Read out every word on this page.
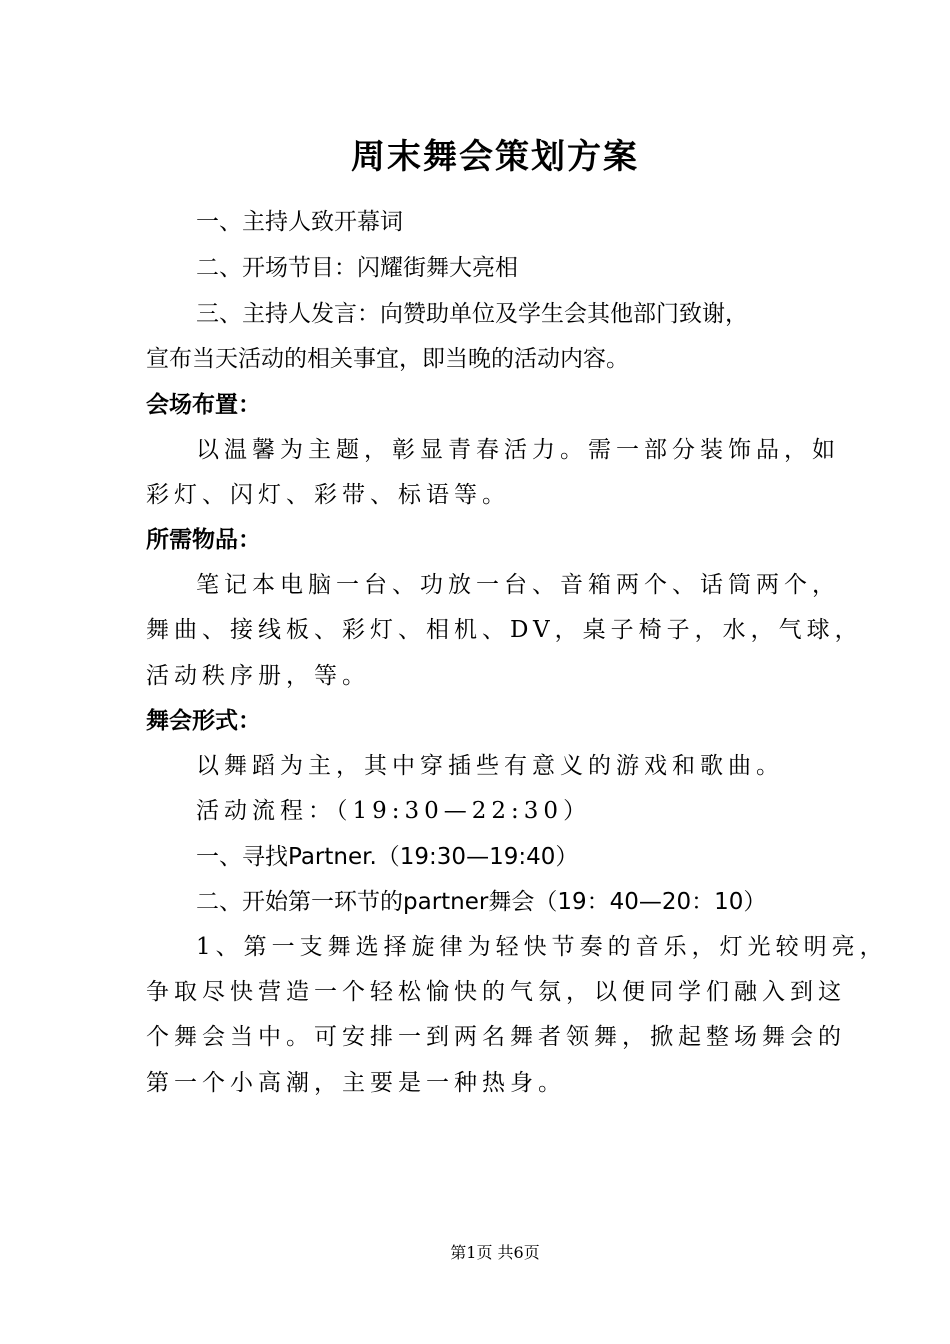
周末舞会策划方案
一、主持人致开幕词
二、开场节目：闪耀街舞大亮相
三、主持人发言：向赞助单位及学生会其他部门致谢，
宣布当天活动的相关事宜，即当晚的活动内容。
会场布置：
以温馨为主题，彰显青春活力。需一部分装饰品，如
彩灯、闪灯、彩带、标语等。
所需物品：
笔记本电脑一台、功放一台、音箱两个、话筒两个，
舞曲、接线板、彩灯、相机、DV，桌子椅子，水，气球，
活动秩序册，等。
舞会形式：
以舞蹈为主，其中穿插些有意义的游戏和歌曲。
活动流程：（19:30—22:30）
一、寻找Partner.（19:30—19:40）
二、开始第一环节的partner舞会（19：40—20：10）
1、第一支舞选择旋律为轻快节奏的音乐，灯光较明亮，
争取尽快营造一个轻松愉快的气氛，以便同学们融入到这
个舞会当中。可安排一到两名舞者领舞，掀起整场舞会的
第一个小高潮，主要是一种热身。
第1页 共6页
